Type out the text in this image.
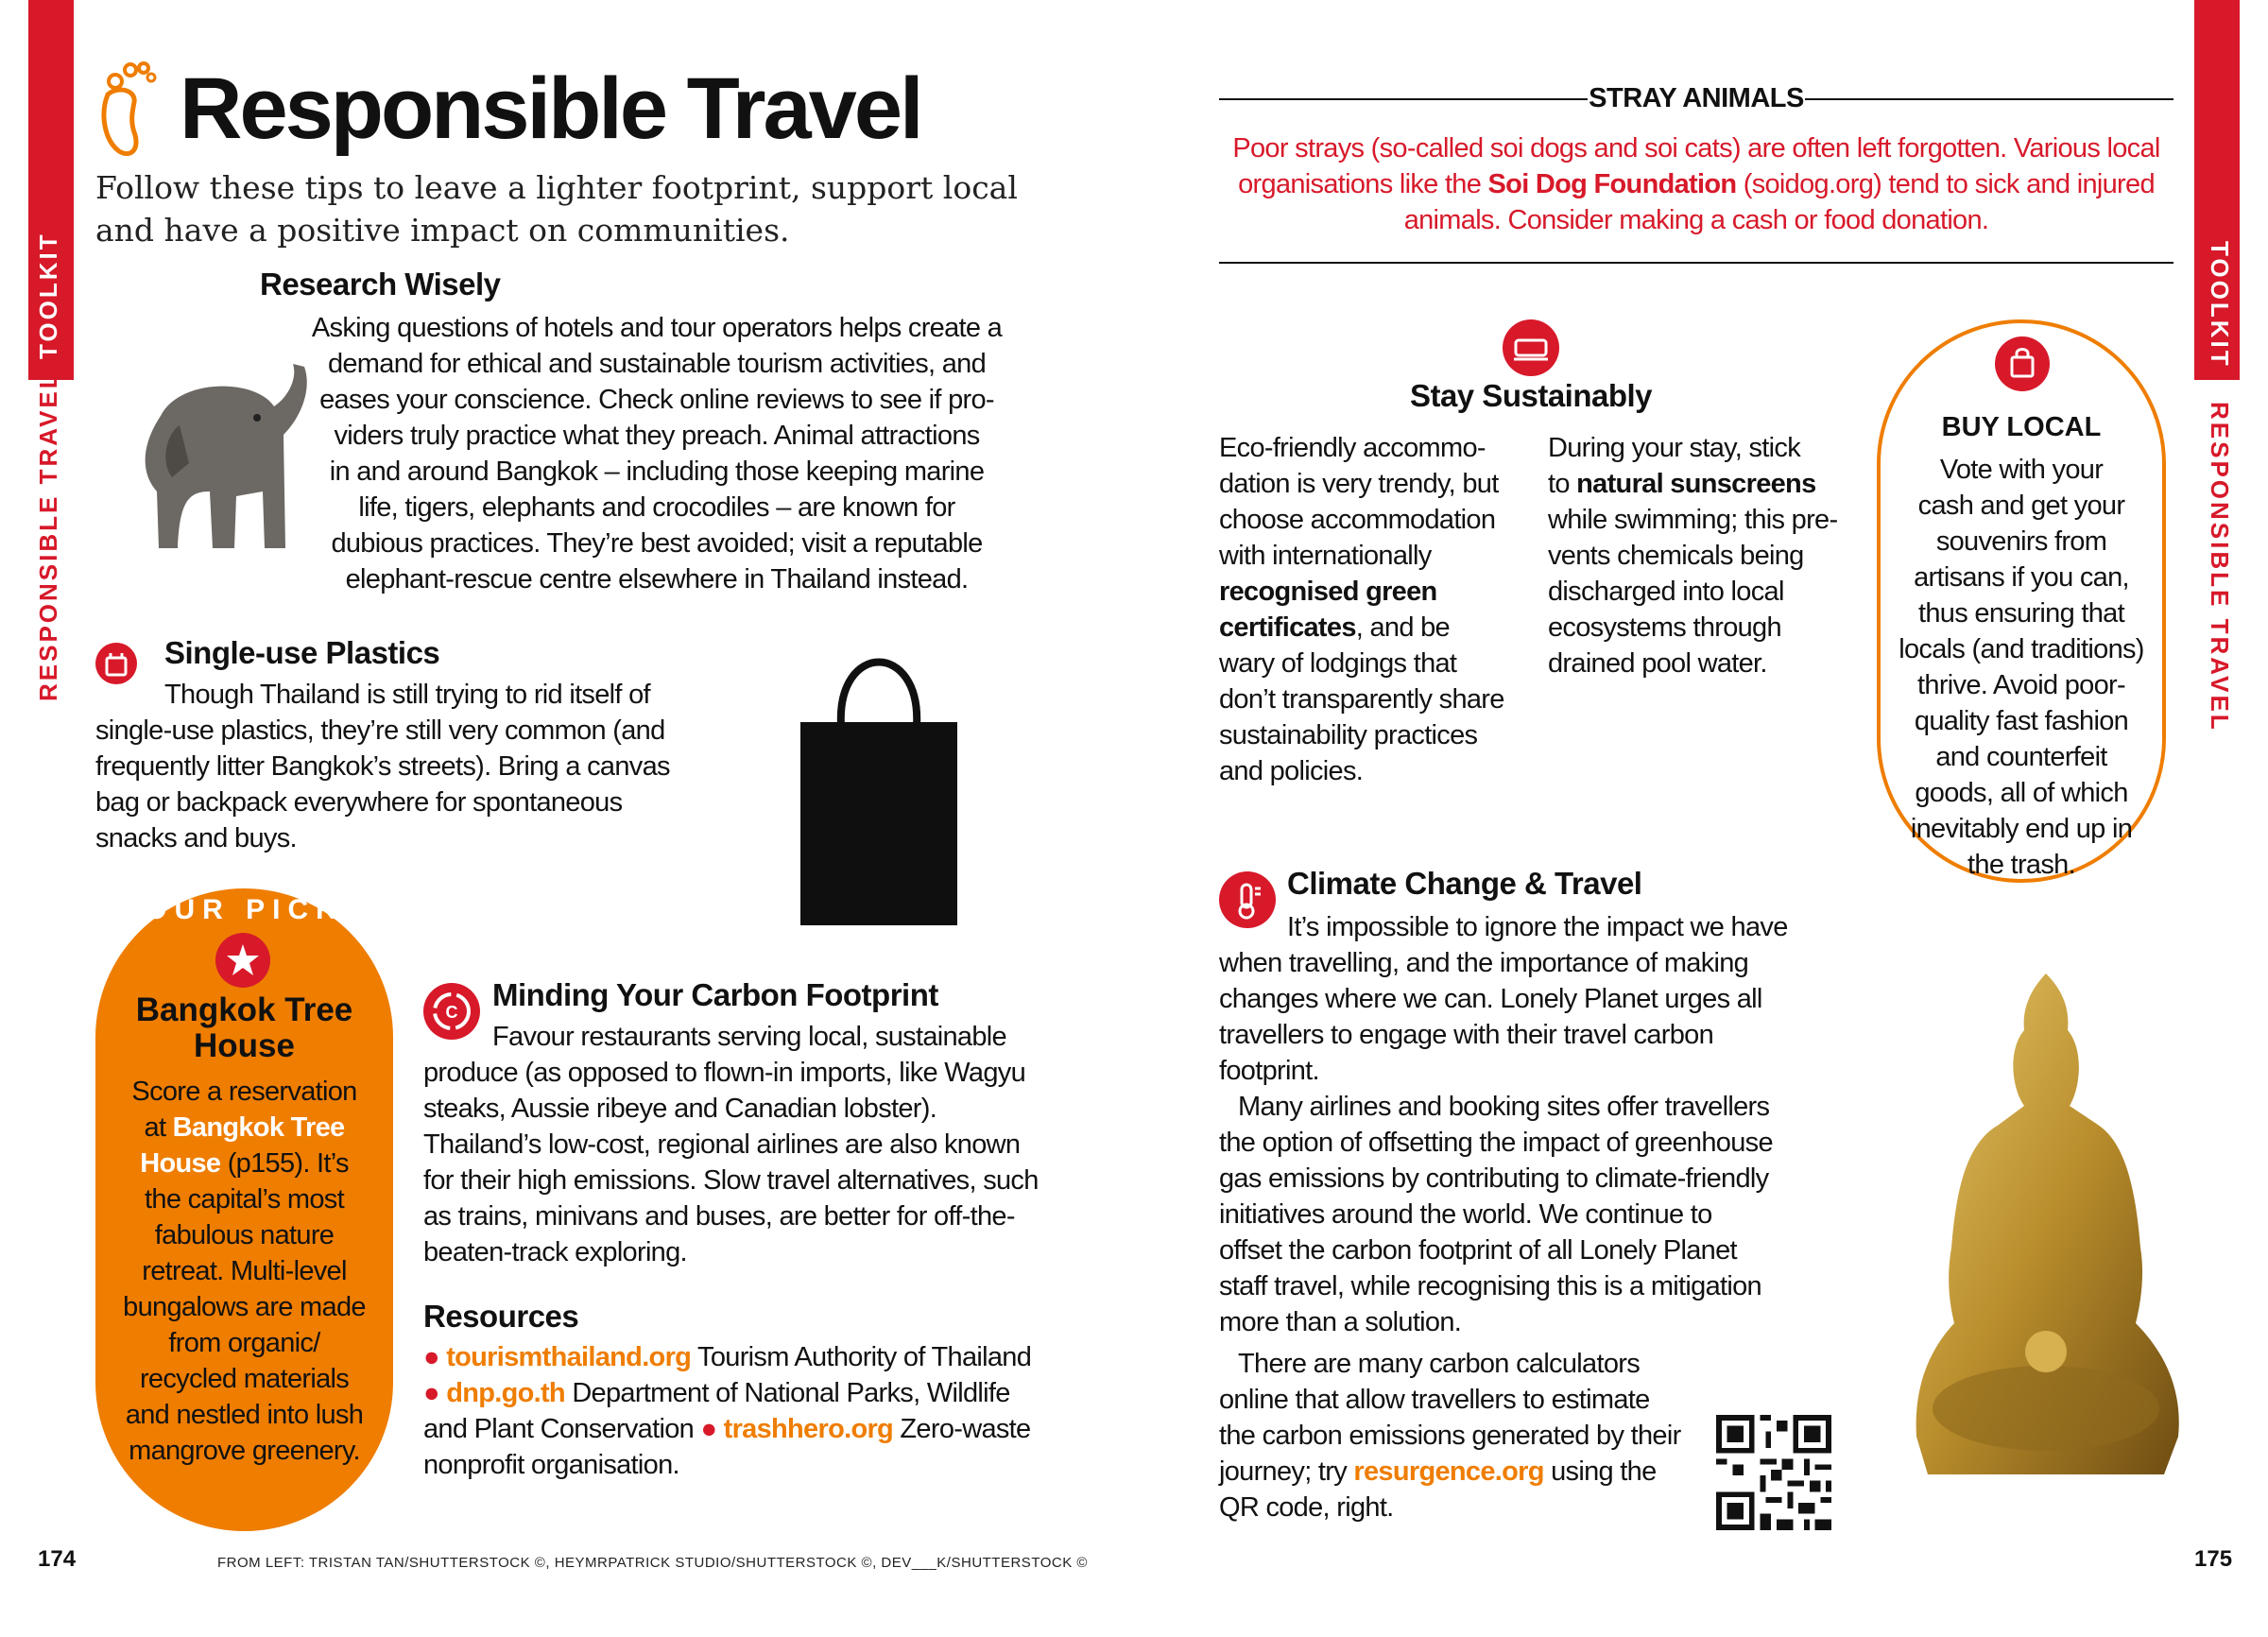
TOOLKIT
RESPONSIBLE TRAVEL
Responsible Travel
Follow these tips to leave a lighter footprint, support local and have a positive impact on communities.
Research Wisely
Asking questions of hotels and tour operators helps create a
demand for ethical and sustainable tourism activities, and
eases your conscience. Check online reviews to see if pro-
viders truly practice what they preach. Animal attractions
in and around Bangkok – including those keeping marine
life, tigers, elephants and crocodiles – are known for
dubious practices. They’re best avoided; visit a reputable
elephant-rescue centre elsewhere in Thailand instead.
Single-use Plastics
Though Thailand is still trying to rid itself of
single-use plastics, they’re still very common (and
frequently litter Bangkok’s streets). Bring a canvas
bag or backpack everywhere for spontaneous
snacks and buys.
OUR PICK
Bangkok Tree
House
Score a reservation at Bangkok Tree House (p155). It’s the capital’s most fabulous nature retreat. Multi-level bungalows are made from organic/ recycled materials and nestled into lush mangrove greenery.
C Minding Your Carbon Footprint
Favour restaurants serving local, sustainable
produce (as opposed to flown-in imports, like Wagyu
steaks, Aussie ribeye and Canadian lobster).
Thailand’s low-cost, regional airlines are also known
for their high emissions. Slow travel alternatives, such
as trains, minivans and buses, are better for off-the-
beaten-track exploring.
Resources
● tourismthailand.org Tourism Authority of Thailand
● dnp.go.th Department of National Parks, Wildlife
and Plant Conservation ● trashhero.org Zero-waste
nonprofit organisation.
174	FROM LEFT: TRISTAN TAN/SHUTTERSTOCK ©, HEYMRPATRICK STUDIO/SHUTTERSTOCK ©, DEV___K/SHUTTERSTOCK ©
TOOLKIT
RESPONSIBLE TRAVEL
STRAY ANIMALS
Poor strays (so-called soi dogs and soi cats) are often left forgotten. Various local
organisations like the Soi Dog Foundation (soidog.org) tend to sick and injured
animals. Consider making a cash or food donation.
Stay Sustainably
Eco-friendly accommo-
dation is very trendy, but
choose accommodation
with internationally
recognised green
certificates, and be
wary of lodgings that
don’t transparently share
sustainability practices
and policies.
During your stay, stick
to natural sunscreens
while swimming; this pre-
vents chemicals being
discharged into local
ecosystems through
drained pool water.
BUY LOCAL
Vote with your
cash and get your
souvenirs from
artisans if you can,
thus ensuring that
locals (and traditions)
thrive. Avoid poor-
quality fast fashion
and counterfeit
goods, all of which
inevitably end up in
the trash.
Climate Change & Travel
It’s impossible to ignore the impact we have
when travelling, and the importance of making
changes where we can. Lonely Planet urges all
travellers to engage with their travel carbon
footprint.
Many airlines and booking sites offer travellers
the option of offsetting the impact of greenhouse
gas emissions by contributing to climate-friendly
initiatives around the world. We continue to
offset the carbon footprint of all Lonely Planet
staff travel, while recognising this is a mitigation
more than a solution.
There are many carbon calculators
online that allow travellers to estimate
the carbon emissions generated by their
journey; try resurgence.org using the
QR code, right.
175
